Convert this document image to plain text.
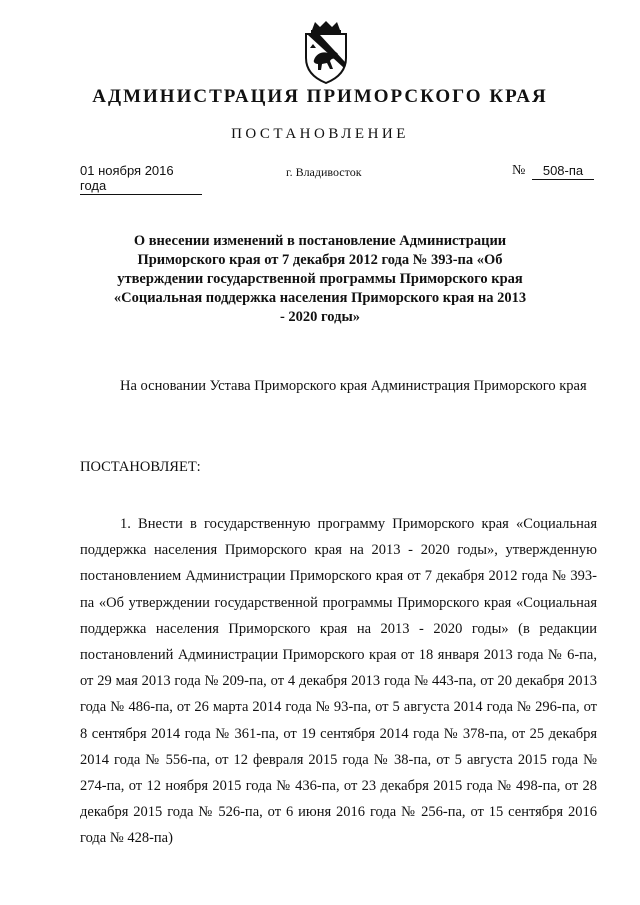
АДМИНИСТРАЦИЯ ПРИМОРСКОГО КРАЯ
ПОСТАНОВЛЕНИЕ
01 ноября 2016 года
г. Владивосток	№	508-па
О внесении изменений в постановление Администрации Приморского края от 7 декабря 2012 года № 393-па «Об утверждении государственной программы Приморского края «Социальная поддержка населения Приморского края на 2013 - 2020 годы»
На основании Устава Приморского края Администрация Приморского края
ПОСТАНОВЛЯЕТ:
1. Внести в государственную программу Приморского края «Социальная поддержка населения Приморского края на 2013 - 2020 годы», утвержденную постановлением Администрации Приморского края от 7 декабря 2012 года № 393-па «Об утверждении государственной программы Приморского края «Социальная поддержка населения Приморского края на 2013 - 2020 годы» (в редакции постановлений Администрации Приморского края от 18 января 2013 года № 6-па, от 29 мая 2013 года № 209-па, от 4 декабря 2013 года № 443-па, от 20 декабря 2013 года № 486-па, от 26 марта 2014 года № 93-па, от 5 августа 2014 года № 296-па, от 8 сентября 2014 года № 361-па, от 19 сентября 2014 года № 378-па, от 25 декабря 2014 года № 556-па, от 12 февраля 2015 года № 38-па, от 5 августа 2015 года № 274-па, от 12 ноября 2015 года № 436-па, от 23 декабря 2015 года № 498-па, от 28 декабря 2015 года № 526-па, от 6 июня 2016 года № 256-па, от 15 сентября 2016 года № 428-па)
